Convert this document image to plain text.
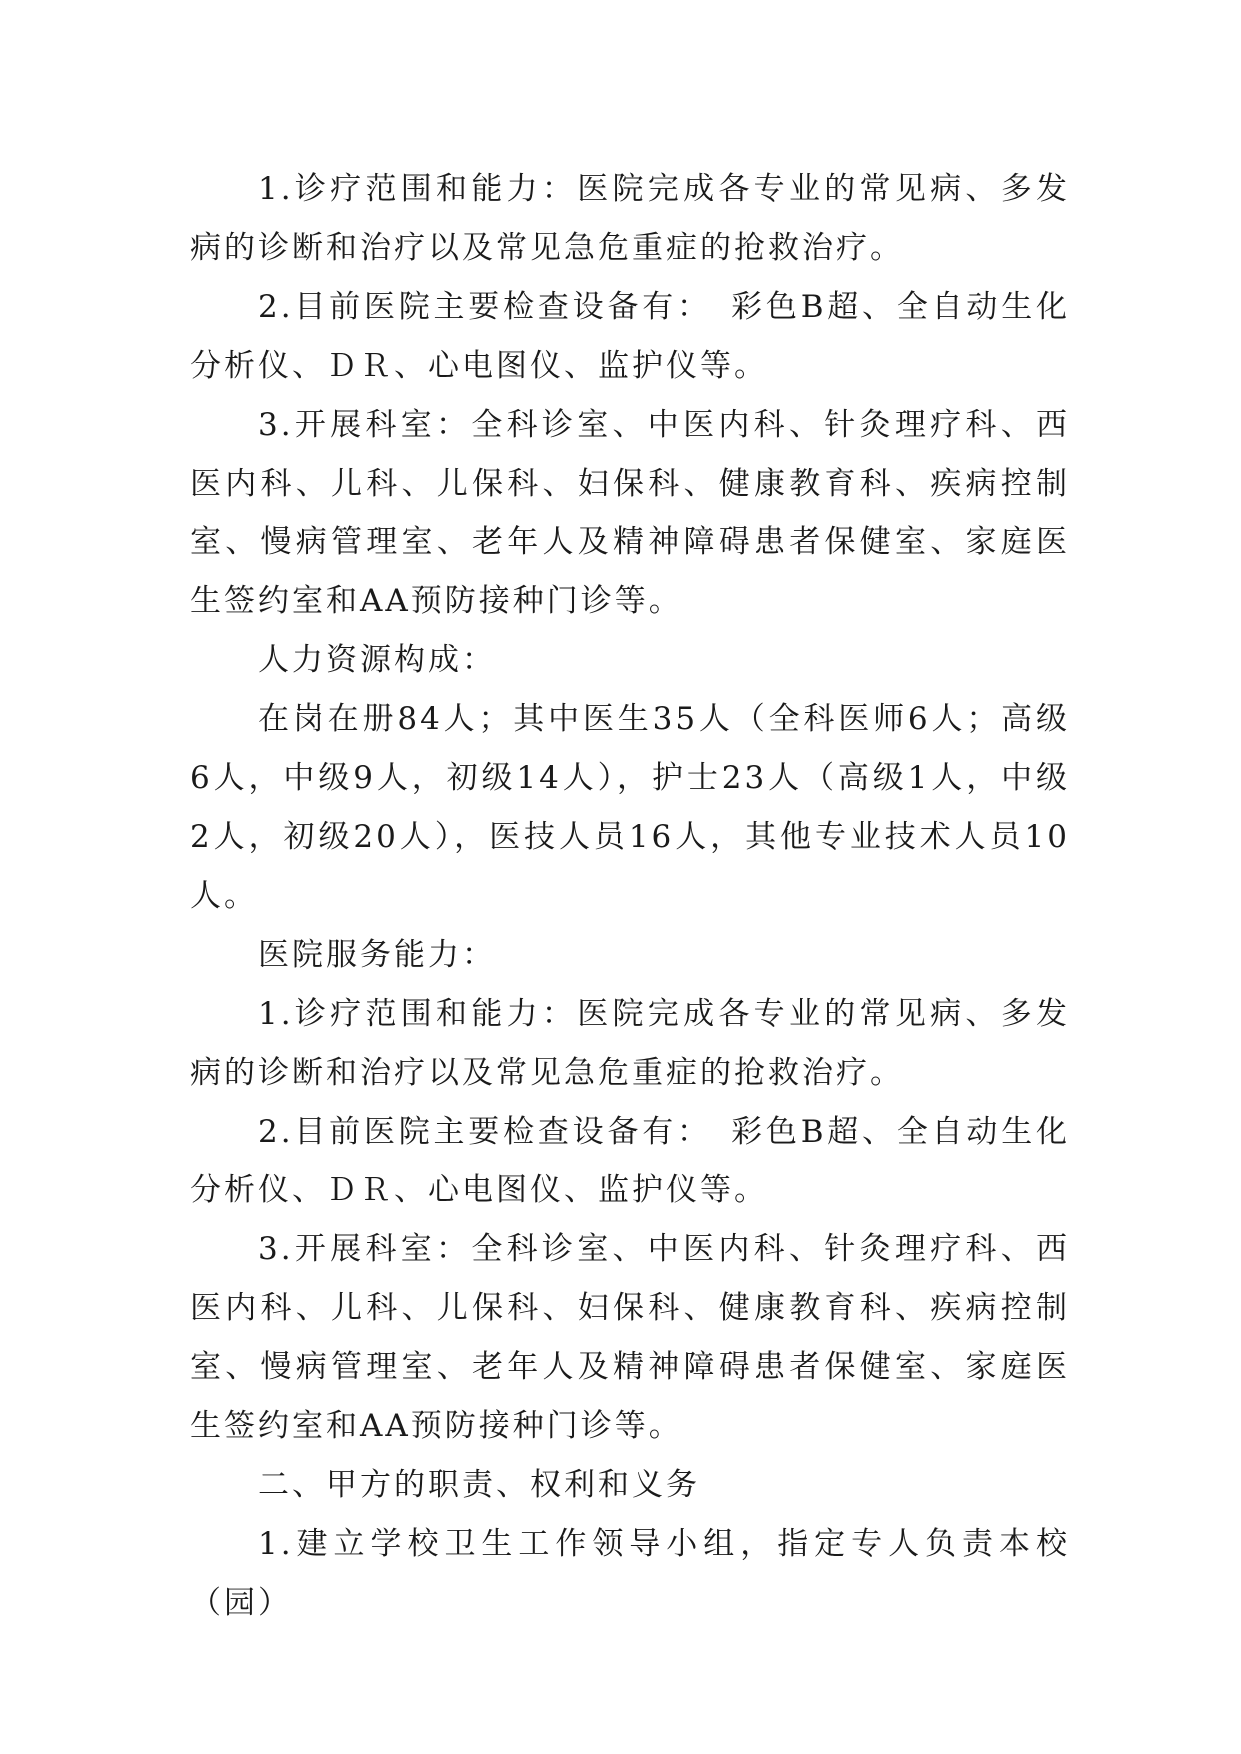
1.诊疗范围和能力：医院完成各专业的常见病、多发病的诊断和治疗以及常见急危重症的抢救治疗。

2.目前医院主要检查设备有：　彩色B超、全自动生化分析仪、ＤＲ、心电图仪、监护仪等。

3.开展科室：全科诊室、中医内科、针灸理疗科、西医内科、儿科、儿保科、妇保科、健康教育科、疾病控制室、慢病管理室、老年人及精神障碍患者保健室、家庭医生签约室和AA预防接种门诊等。

人力资源构成：

在岗在册84人；其中医生35人（全科医师6人；高级6人，中级9人，初级14人），护士23人（高级1人，中级2人，初级20人），医技人员16人，其他专业技术人员10人。

医院服务能力：

1.诊疗范围和能力：医院完成各专业的常见病、多发病的诊断和治疗以及常见急危重症的抢救治疗。

2.目前医院主要检查设备有：　彩色B超、全自动生化分析仪、ＤＲ、心电图仪、监护仪等。

3.开展科室：全科诊室、中医内科、针灸理疗科、西医内科、儿科、儿保科、妇保科、健康教育科、疾病控制室、慢病管理室、老年人及精神障碍患者保健室、家庭医生签约室和AA预防接种门诊等。

二、甲方的职责、权利和义务

1.建立学校卫生工作领导小组，指定专人负责本校（园）
